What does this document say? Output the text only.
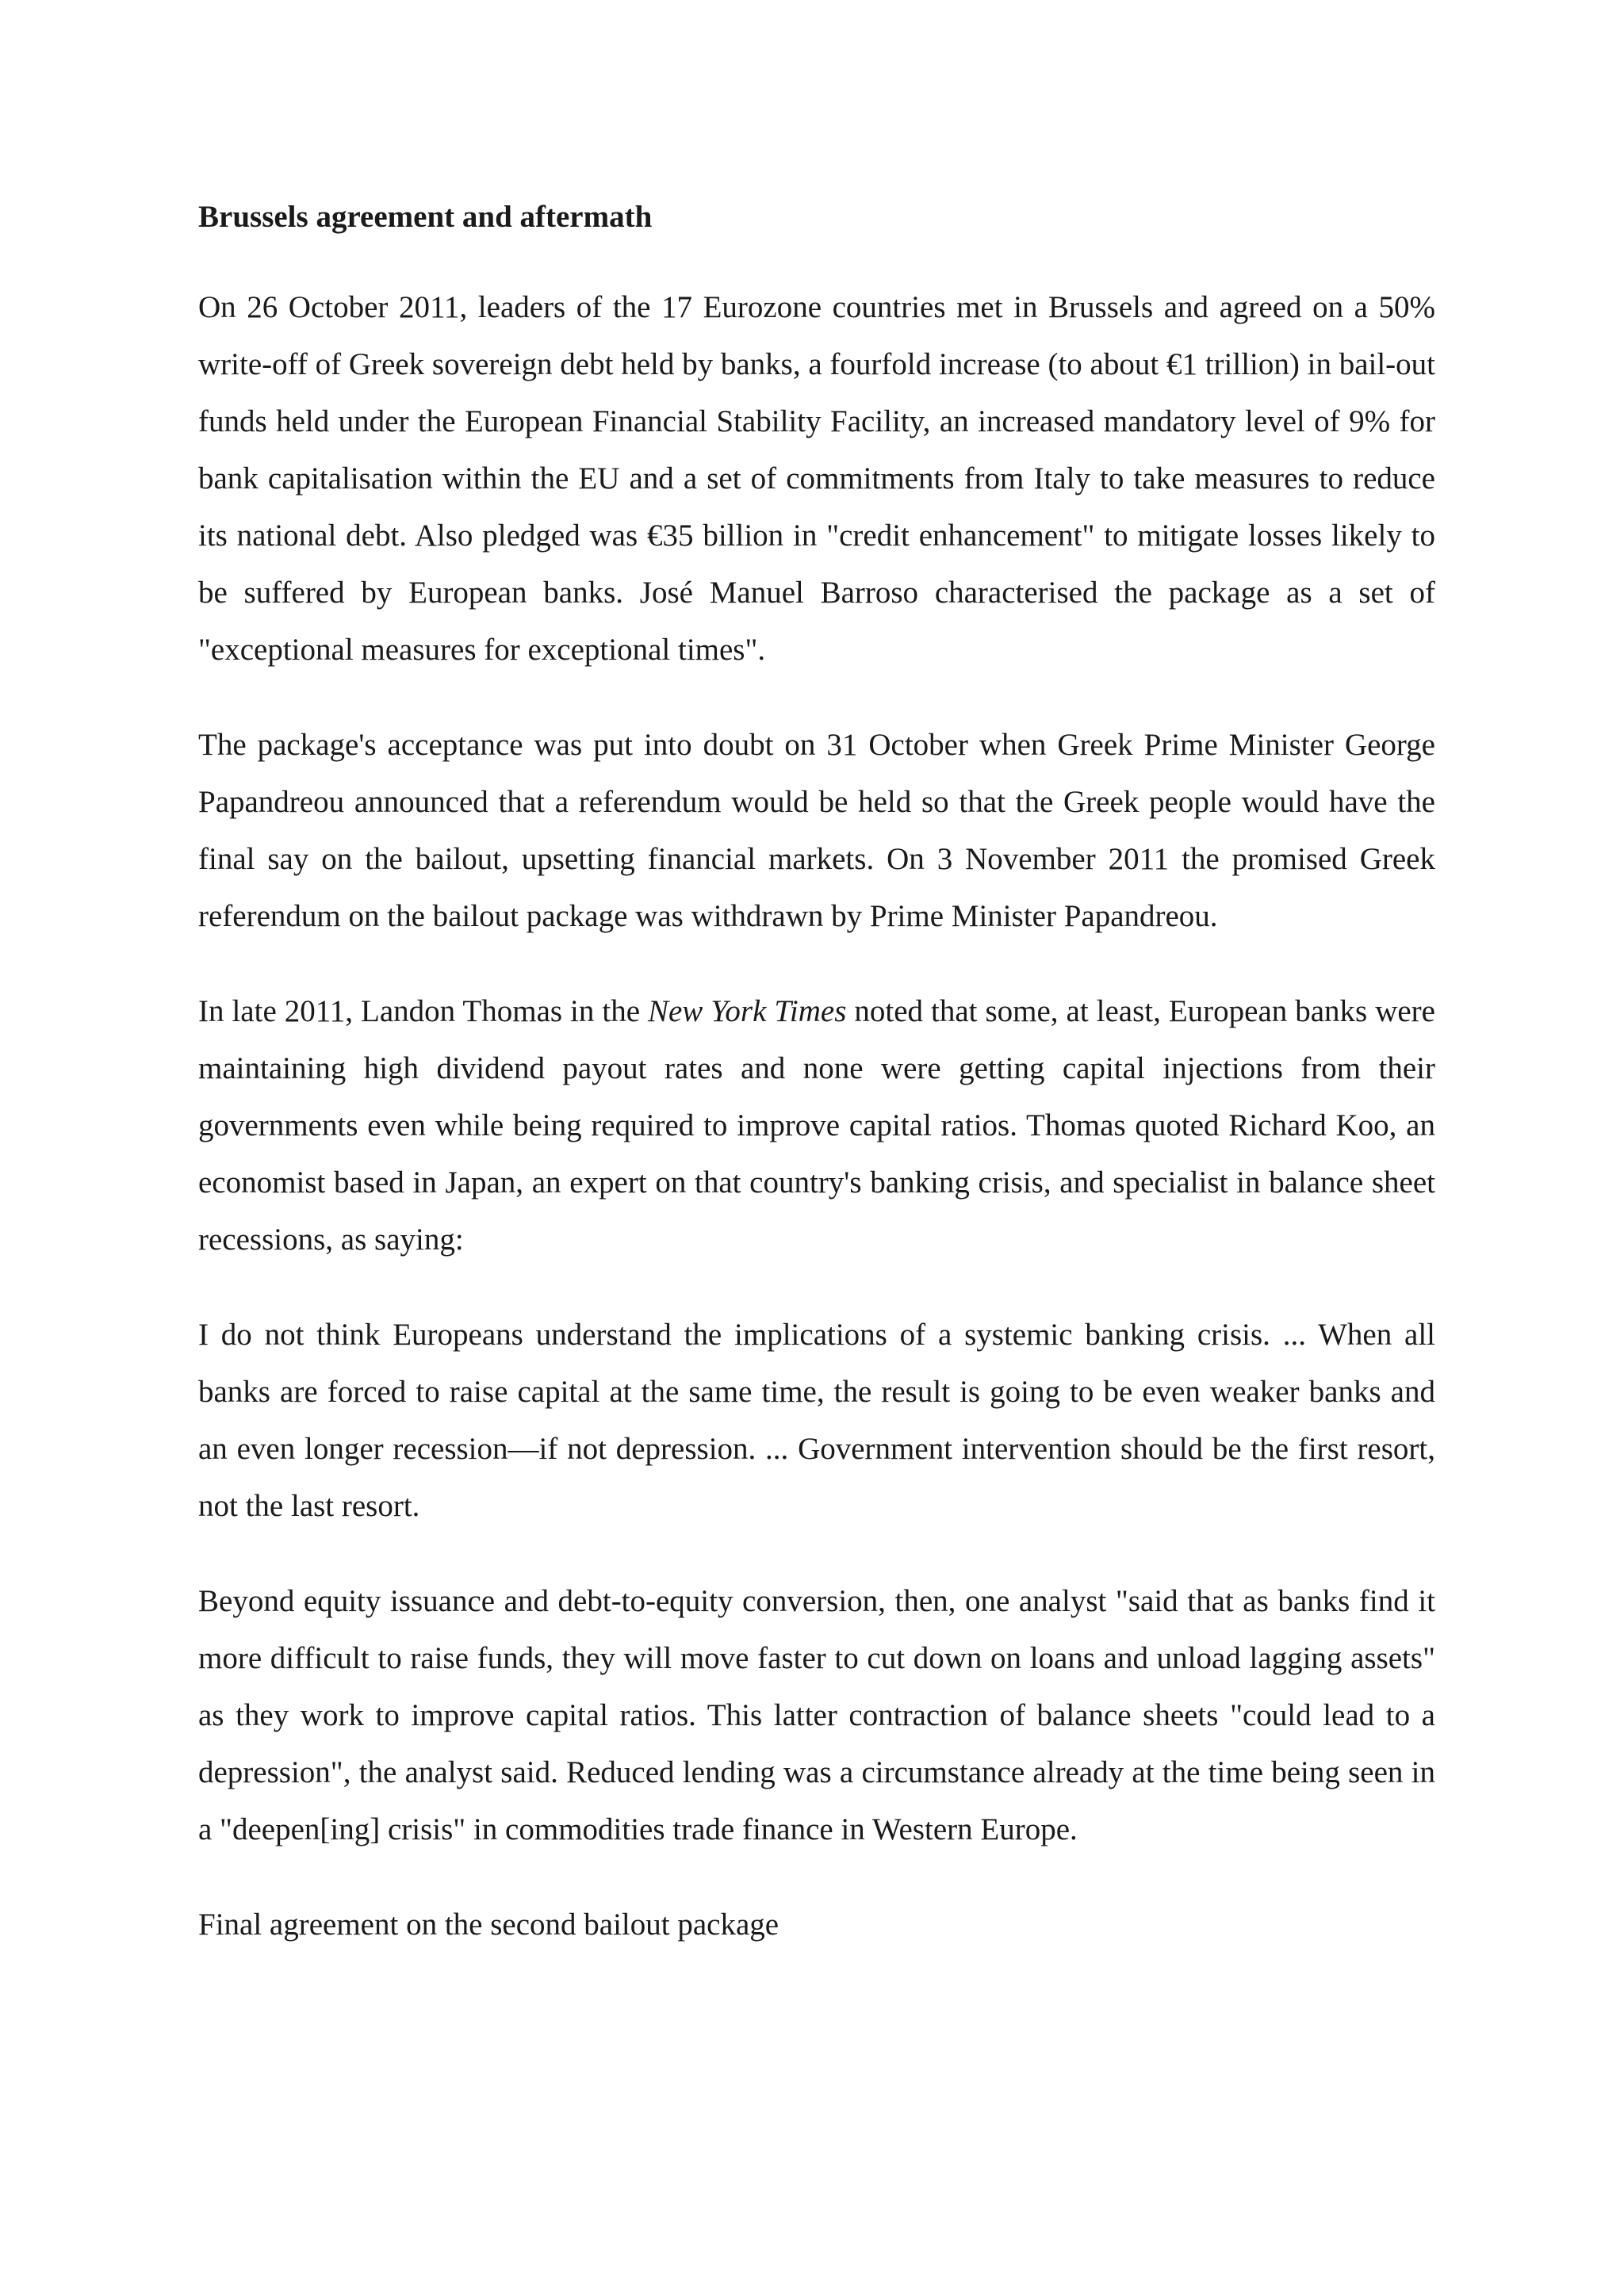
Brussels agreement and aftermath

On 26 October 2011, leaders of the 17 Eurozone countries met in Brussels and agreed on a 50% write-off of Greek sovereign debt held by banks, a fourfold increase (to about €1 trillion) in bail-out funds held under the European Financial Stability Facility, an increased mandatory level of 9% for bank capitalisation within the EU and a set of commitments from Italy to take measures to reduce its national debt. Also pledged was €35 billion in "credit enhancement" to mitigate losses likely to be suffered by European banks. José Manuel Barroso characterised the package as a set of "exceptional measures for exceptional times".

The package's acceptance was put into doubt on 31 October when Greek Prime Minister George Papandreou announced that a referendum would be held so that the Greek people would have the final say on the bailout, upsetting financial markets. On 3 November 2011 the promised Greek referendum on the bailout package was withdrawn by Prime Minister Papandreou.

In late 2011, Landon Thomas in the New York Times noted that some, at least, European banks were maintaining high dividend payout rates and none were getting capital injections from their governments even while being required to improve capital ratios. Thomas quoted Richard Koo, an economist based in Japan, an expert on that country's banking crisis, and specialist in balance sheet recessions, as saying:

I do not think Europeans understand the implications of a systemic banking crisis. ... When all banks are forced to raise capital at the same time, the result is going to be even weaker banks and an even longer recession—if not depression. ... Government intervention should be the first resort, not the last resort.

Beyond equity issuance and debt-to-equity conversion, then, one analyst "said that as banks find it more difficult to raise funds, they will move faster to cut down on loans and unload lagging assets" as they work to improve capital ratios. This latter contraction of balance sheets "could lead to a depression", the analyst said. Reduced lending was a circumstance already at the time being seen in a "deepen[ing] crisis" in commodities trade finance in Western Europe.

Final agreement on the second bailout package
